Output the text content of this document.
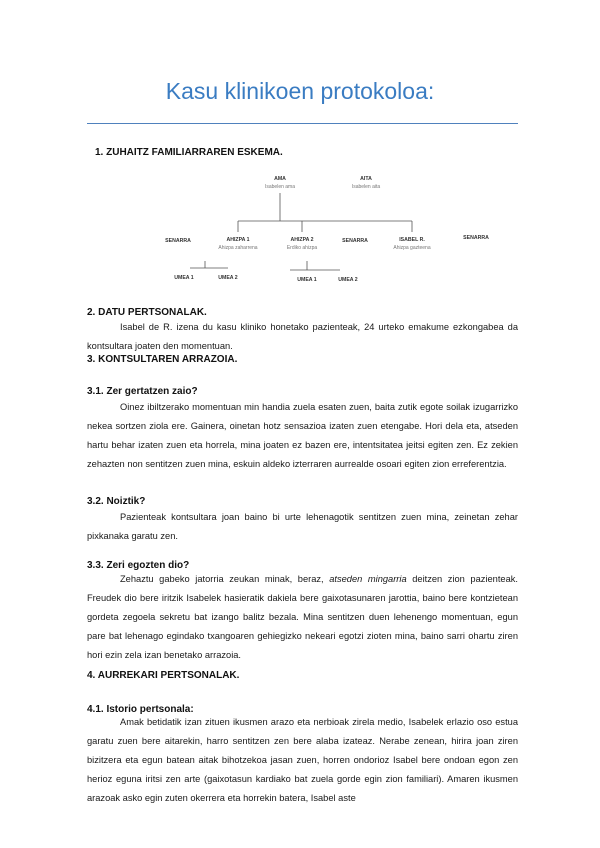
Kasu klinikoen protokoloa:
1. ZUHAITZ FAMILIARRAREN ESKEMA.
AMA
Isabelen ama
AITA
Isabelen aita
SENARRA	AHIZPA 1
Ahizpa zaharrena
AHIZPA 2
Erdiko ahizpa
SENARRA	ISABEL R.
Ahizpa gazteena
SENARRA
UMEA 1	UMEA 2	UMEA 1	UMEA 2
2. DATU PERTSONALAK.

Isabel de R. izena du kasu kliniko honetako pazienteak, 24 urteko emakume ezkongabea da kontsultara joaten den momentuan.

3. KONTSULTAREN ARRAZOIA.
3.1. Zer gertatzen zaio?

Oinez ibiltzerako momentuan min handia zuela esaten zuen, baita zutik egote soilak izugarrizko nekea sortzen ziola ere. Gainera, oinetan hotz sensazioa izaten zuen etengabe. Hori dela eta, atseden hartu behar izaten zuen eta horrela, mina joaten ez bazen ere, intentsitatea jeitsi egiten zen. Ez zekien zehazten non sentitzen zuen mina, eskuin aldeko izterraren aurrealde osoari egiten zion erreferentzia.

3.2. Noiztik?

Pazienteak kontsultara joan baino bi urte lehenagotik sentitzen zuen mina, zeinetan zehar pixkanaka garatu zen.

3.3. Zeri egozten dio?

Zehaztu gabeko jatorria zeukan minak, beraz, atseden mingarria deitzen zion pazienteak. Freudek dio bere iritzik Isabelek hasieratik dakiela bere gaixotasunaren jarottia, baino bere kontzietean gordeta zegoela sekretu bat izango balitz bezala. Mina sentitzen duen lehenengo momentuan, egun pare bat lehenago egindako txangoaren gehiegizko nekeari egotzi zioten mina, baino sarri ohartu ziren hori ezin zela izan benetako arrazoia.

4. AURREKARI PERTSONALAK.
4.1. Istorio pertsonala:

Amak betidatik izan zituen ikusmen arazo eta nerbioak zirela medio, Isabelek erlazio oso estua garatu zuen bere aitarekin, harro sentitzen zen bere alaba izateaz. Nerabe zenean, hirira joan ziren bizitzera eta egun batean aitak bihotzekoa jasan zuen, horren ondorioz Isabel bere ondoan egon zen herioz eguna iritsi zen arte (gaixotasun kardiako bat zuela gorde egin zion familiari). Amaren ikusmen arazoak asko egin zuten okerrera eta horrekin batera, Isabel aste
